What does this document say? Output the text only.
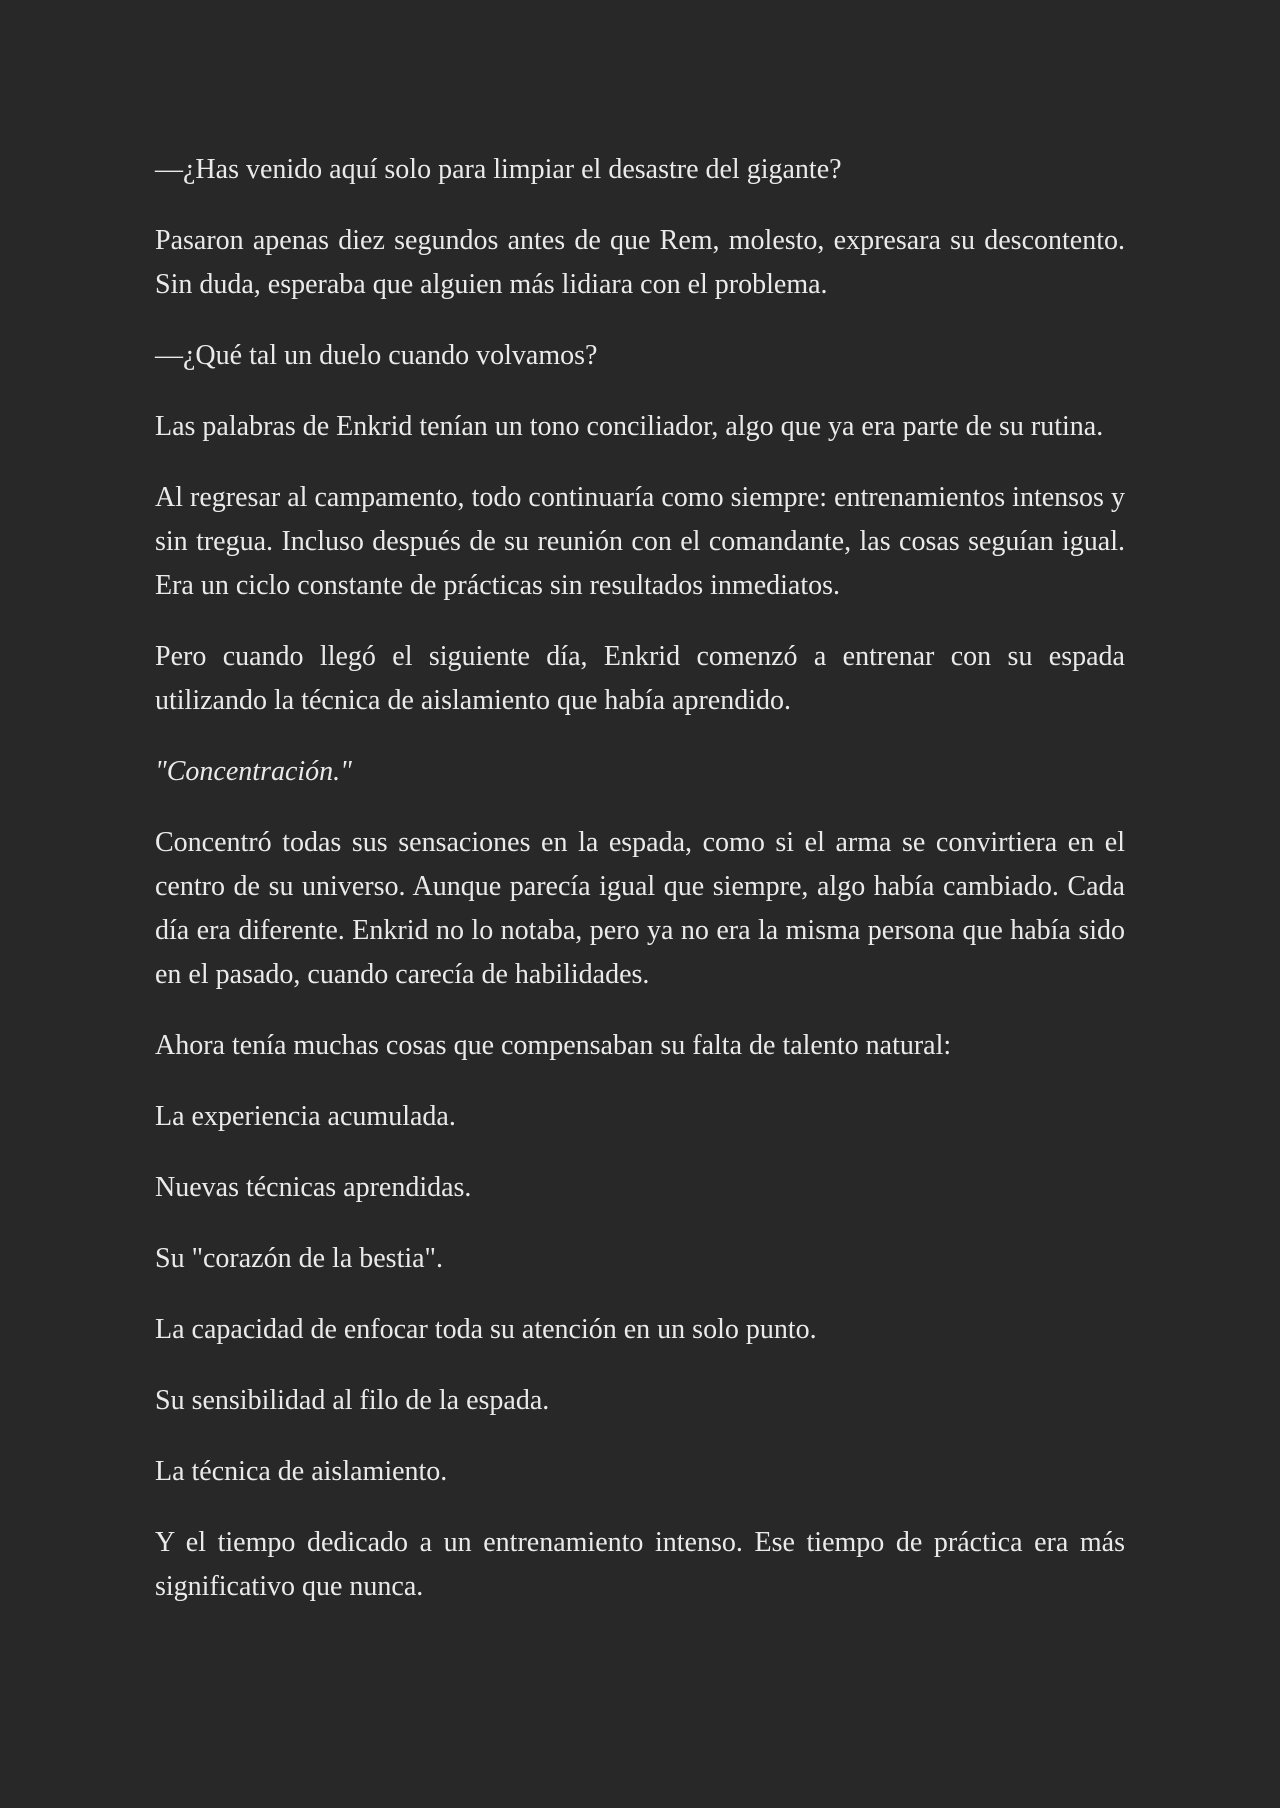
—¿Has venido aquí solo para limpiar el desastre del gigante?

Pasaron apenas diez segundos antes de que Rem, molesto, expresara su descontento. Sin duda, esperaba que alguien más lidiara con el problema.

—¿Qué tal un duelo cuando volvamos?

Las palabras de Enkrid tenían un tono conciliador, algo que ya era parte de su rutina.

Al regresar al campamento, todo continuaría como siempre: entrenamientos intensos y sin tregua. Incluso después de su reunión con el comandante, las cosas seguían igual. Era un ciclo constante de prácticas sin resultados inmediatos.

Pero cuando llegó el siguiente día, Enkrid comenzó a entrenar con su espada utilizando la técnica de aislamiento que había aprendido.

"Concentración."

Concentró todas sus sensaciones en la espada, como si el arma se convirtiera en el centro de su universo. Aunque parecía igual que siempre, algo había cambiado. Cada día era diferente. Enkrid no lo notaba, pero ya no era la misma persona que había sido en el pasado, cuando carecía de habilidades.

Ahora tenía muchas cosas que compensaban su falta de talento natural:

La experiencia acumulada.

Nuevas técnicas aprendidas.

Su "corazón de la bestia".

La capacidad de enfocar toda su atención en un solo punto.

Su sensibilidad al filo de la espada.

La técnica de aislamiento.

Y el tiempo dedicado a un entrenamiento intenso. Ese tiempo de práctica era más significativo que nunca.
